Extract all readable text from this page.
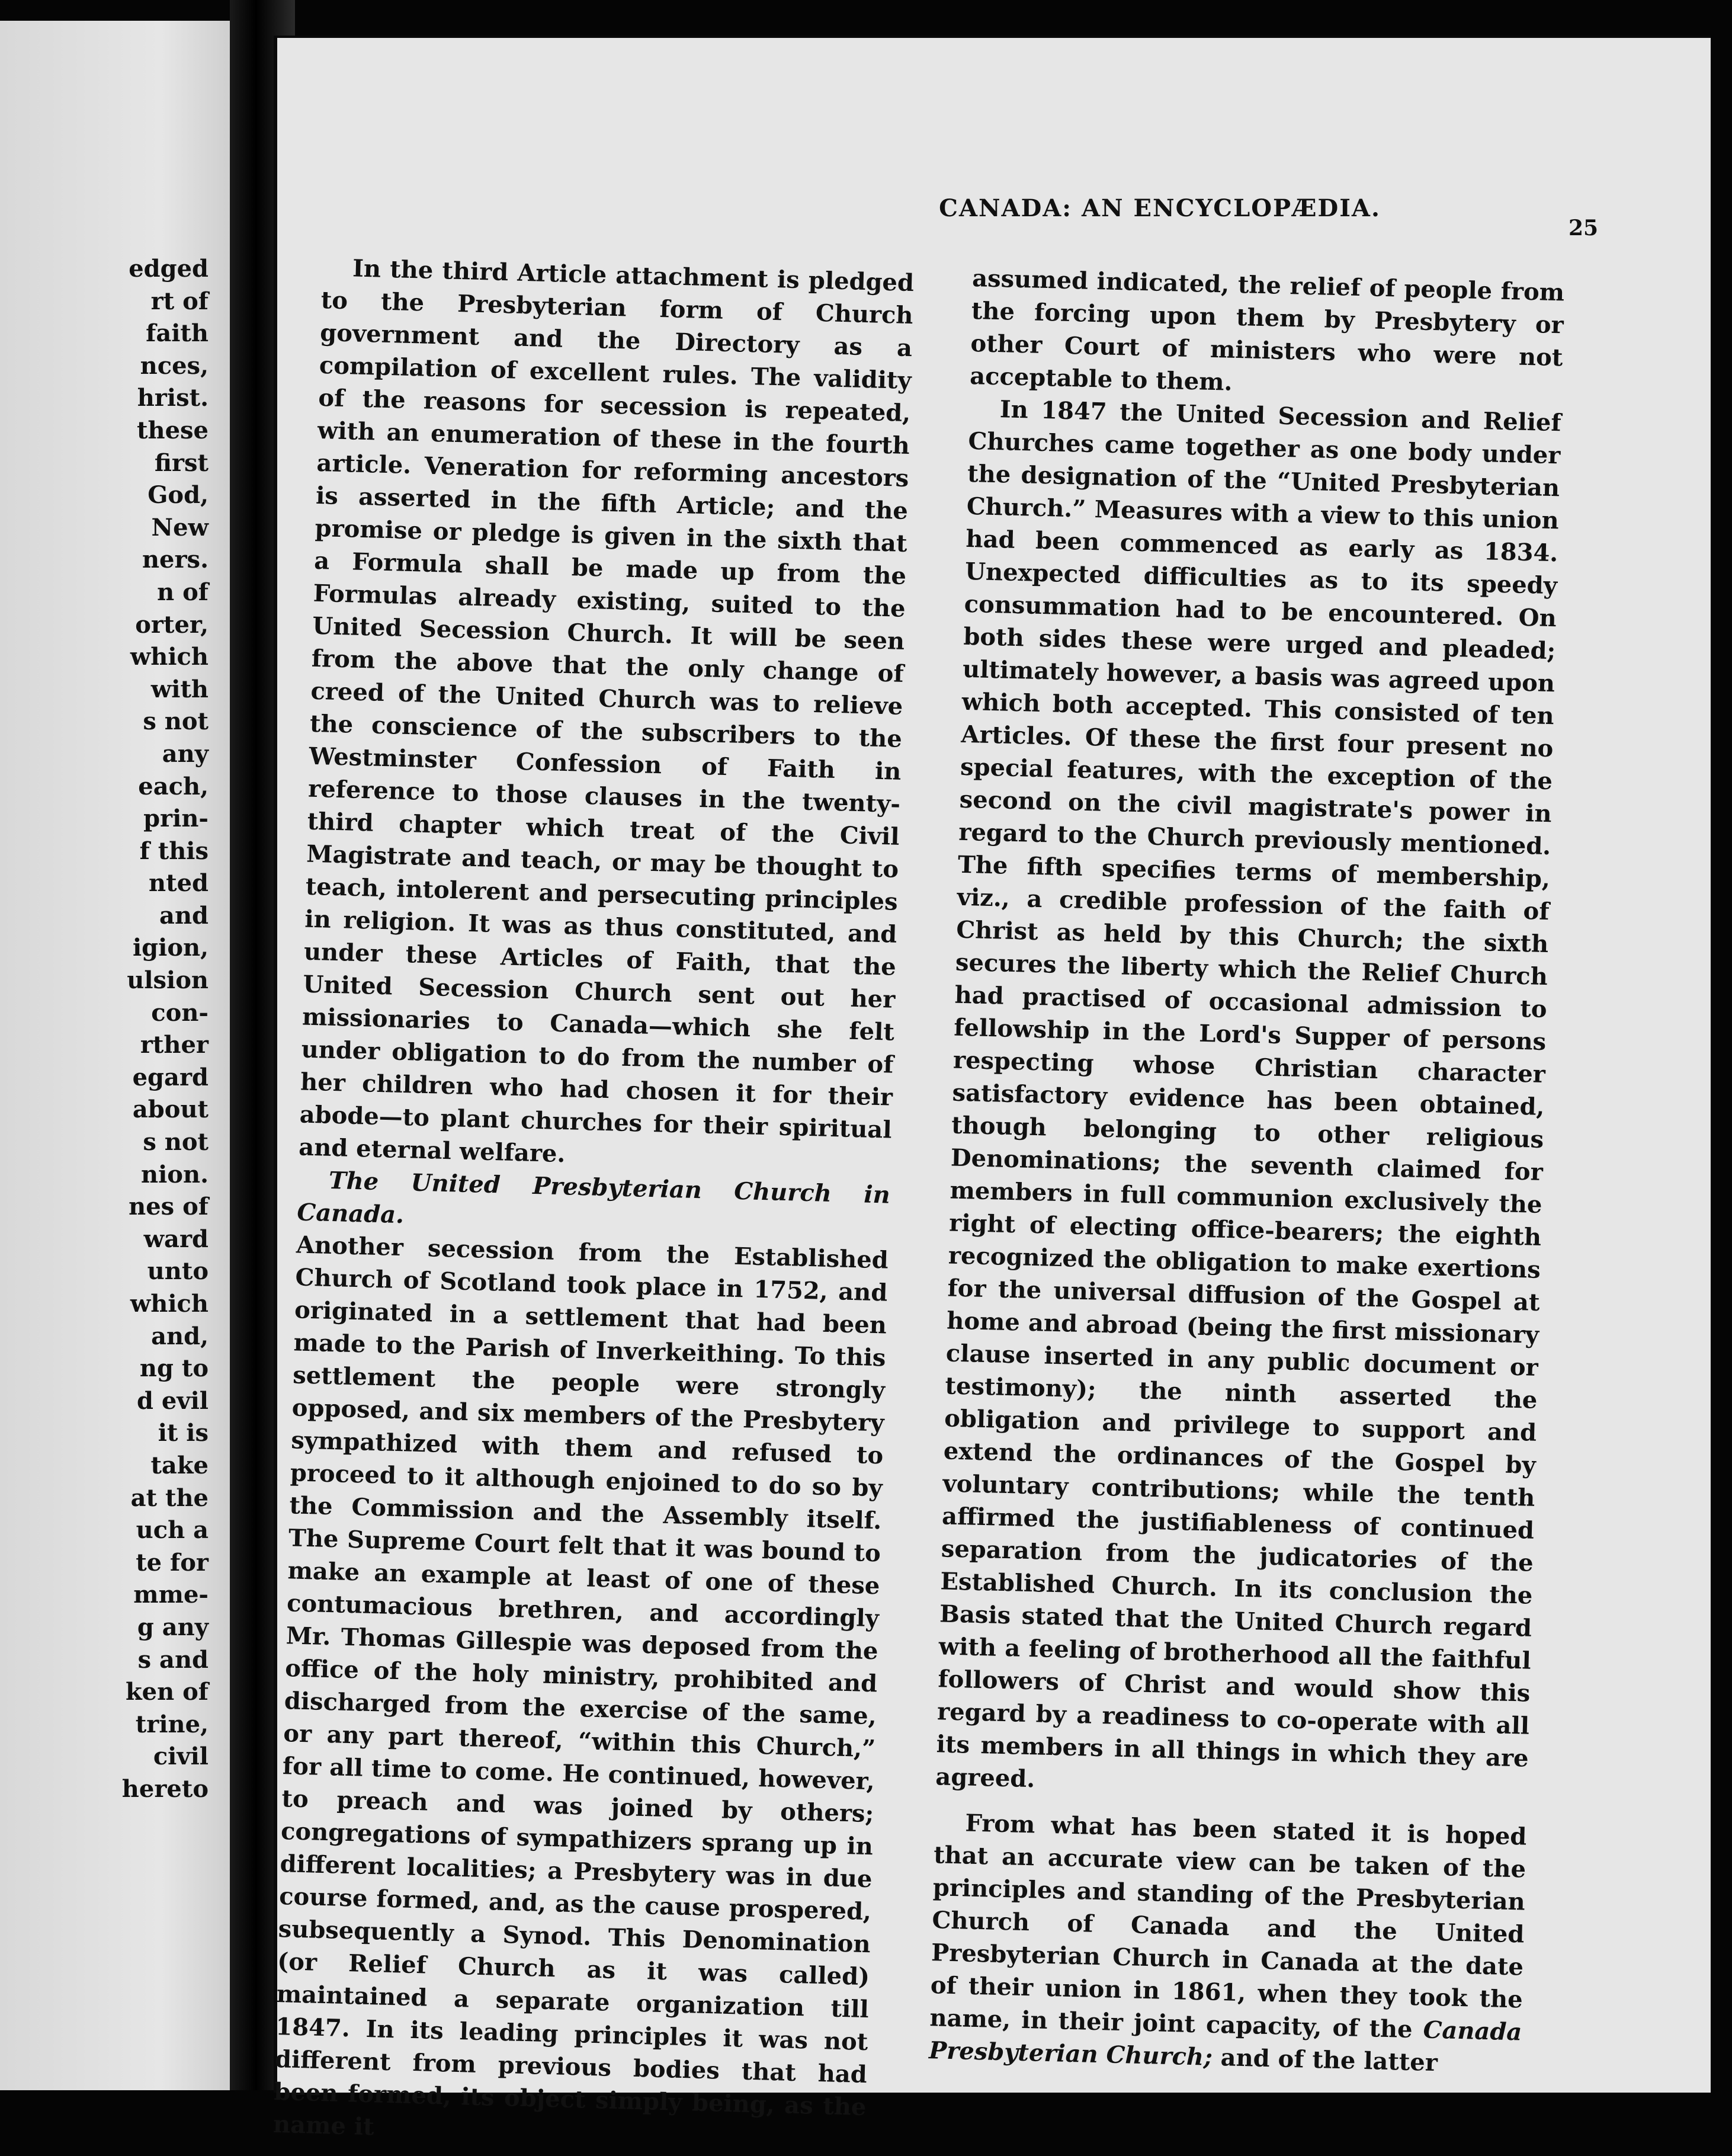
edged
rt of
faith
nces,
hrist.
these
first
God,
New
ners.
n of
orter,
which
with
s not
any
each,
prin-
f this
nted
and
igion,
ulsion
con-
rther
egard
about
s not
nion.
nes of
ward
unto
which
and,
ng to
d evil
it is
take
at the
uch a
te for
mme-
g any
s and
ken of
trine,
civil
hereto
CANADA: AN ENCYCLOPÆDIA.
25

In the third Article attachment is pledged to the Presbyterian form of Church government and the Directory as a compilation of excellent rules. The validity of the reasons for secession is repeated, with an enumeration of these in the fourth article. Veneration for reforming ancestors is asserted in the fifth Article; and the promise or pledge is given in the sixth that a Formula shall be made up from the Formulas already existing, suited to the United Secession Church. It will be seen from the above that the only change of creed of the United Church was to relieve the conscience of the subscribers to the Westminster Confession of Faith in reference to those clauses in the twenty-third chapter which treat of the Civil Magistrate and teach, or may be thought to teach, intolerent and persecuting principles in religion. It was as thus constituted, and under these Articles of Faith, that the United Secession Church sent out her missionaries to Canada—which she felt under obligation to do from the number of her children who had chosen it for their abode—to plant churches for their spiritual and eternal welfare.

The United Presbyterian Church in Canada.

Another secession from the Established Church of Scotland took place in 1752, and originated in a settlement that had been made to the Parish of Inverkeithing. To this settlement the people were strongly opposed, and six members of the Presbytery sympathized with them and refused to proceed to it although enjoined to do so by the Commission and the Assembly itself. The Supreme Court felt that it was bound to make an example at least of one of these contumacious brethren, and accordingly Mr. Thomas Gillespie was deposed from the office of the holy ministry, prohibited and discharged from the exercise of the same, or any part thereof, “within this Church,” for all time to come. He continued, however, to preach and was joined by others; congregations of sympathizers sprang up in different localities; a Presbytery was in due course formed, and, as the cause prospered, subsequently a Synod. This Denomination (or Relief Church as it was called) maintained a separate organization till 1847. In its leading principles it was not different from previous bodies that had been formed, its object simply being, as the name it

assumed indicated, the relief of people from the forcing upon them by Presbytery or other Court of ministers who were not acceptable to them.

In 1847 the United Secession and Relief Churches came together as one body under the designation of the “United Presbyterian Church.” Measures with a view to this union had been commenced as early as 1834. Unexpected difficulties as to its speedy consummation had to be encountered. On both sides these were urged and pleaded; ultimately however, a basis was agreed upon which both accepted. This consisted of ten Articles. Of these the first four present no special features, with the exception of the second on the civil magistrate's power in regard to the Church previously mentioned. The fifth specifies terms of membership, viz., a credible profession of the faith of Christ as held by this Church; the sixth secures the liberty which the Relief Church had practised of occasional admission to fellowship in the Lord's Supper of persons respecting whose Christian character satisfactory evidence has been obtained, though belonging to other religious Denominations; the seventh claimed for members in full communion exclusively the right of electing office-bearers; the eighth recognized the obligation to make exertions for the universal diffusion of the Gospel at home and abroad (being the first missionary clause inserted in any public document or testimony); the ninth asserted the obligation and privilege to support and extend the ordinances of the Gospel by voluntary contributions; while the tenth affirmed the justifiableness of continued separation from the judicatories of the Established Church. In its conclusion the Basis stated that the United Church regard with a feeling of brotherhood all the faithful followers of Christ and would show this regard by a readiness to co-operate with all its members in all things in which they are agreed.

From what has been stated it is hoped that an accurate view can be taken of the principles and standing of the Presbyterian Church of Canada and the United Presbyterian Church in Canada at the date of their union in 1861, when they took the name, in their joint capacity, of the Canada Presbyterian Church; and of the latter
